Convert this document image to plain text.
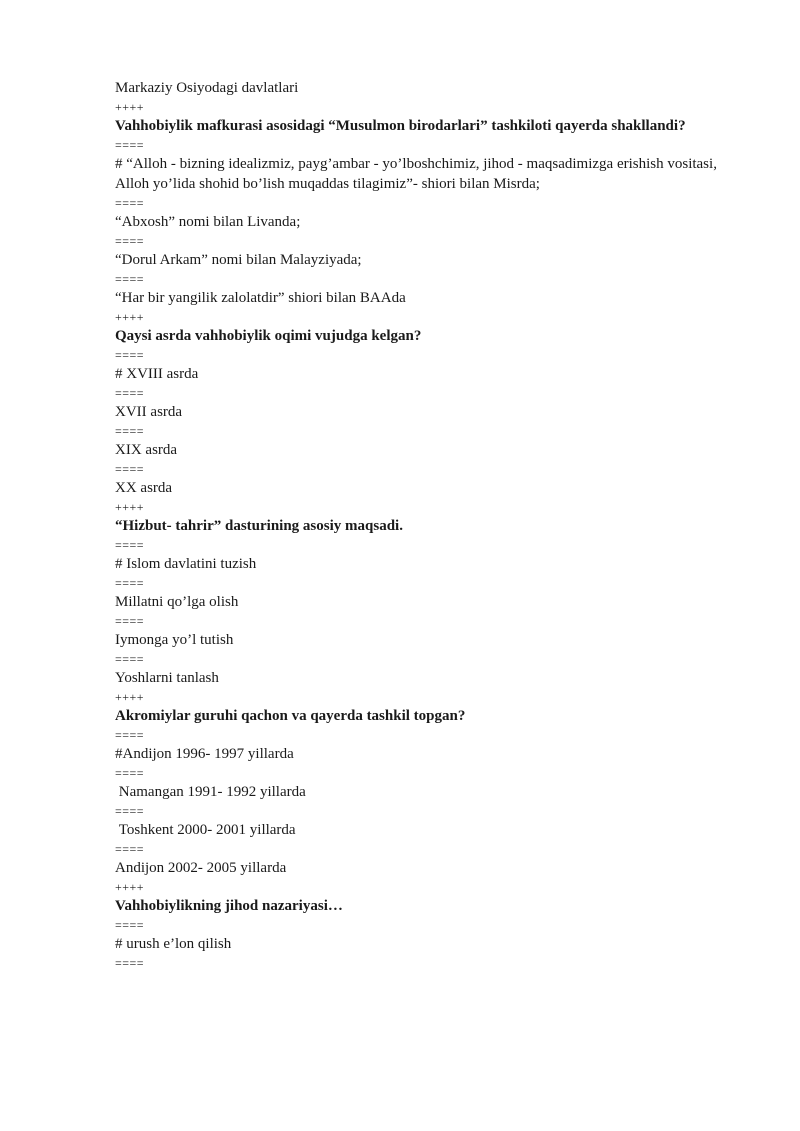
Markaziy Osiyodagi davlatlari
++++
Vahhobiylik mafkurasi asosidagi “Musulmon birodarlari” tashkiloti qayerda shakllandi?
====
# “Alloh - bizning idealizmiz, payg’ambar - yo’lboshchimiz, jihod - maqsadimizga erishish vositasi, Alloh yo’lida shohid bo’lish muqaddas tilagimiz”- shiori bilan Misrda;
====
“Abxosh” nomi bilan Livanda;
====
“Dorul Arkam” nomi bilan Malayziyada;
====
“Har bir yangilik zalolatdir” shiori bilan BAAda
++++
Qaysi asrda vahhobiylik oqimi vujudga kelgan?
====
# XVIII asrda
====
XVII asrda
====
XIX asrda
====
XX asrda
++++
“Hizbut- tahrir” dasturining asosiy maqsadi.
====
# Islom davlatini tuzish
====
Millatni qo’lga olish
====
Iymonga yo’l tutish
====
Yoshlarni tanlash
++++
Akromiylar guruhi qachon va qayerda tashkil topgan?
====
#Andijon 1996- 1997 yillarda
====
Namangan 1991- 1992 yillarda
====
Toshkent 2000- 2001 yillarda
====
Andijon 2002- 2005 yillarda
++++
Vahhobiylikning jihod nazariyasi…
====
# urush e’lon qilish
====
